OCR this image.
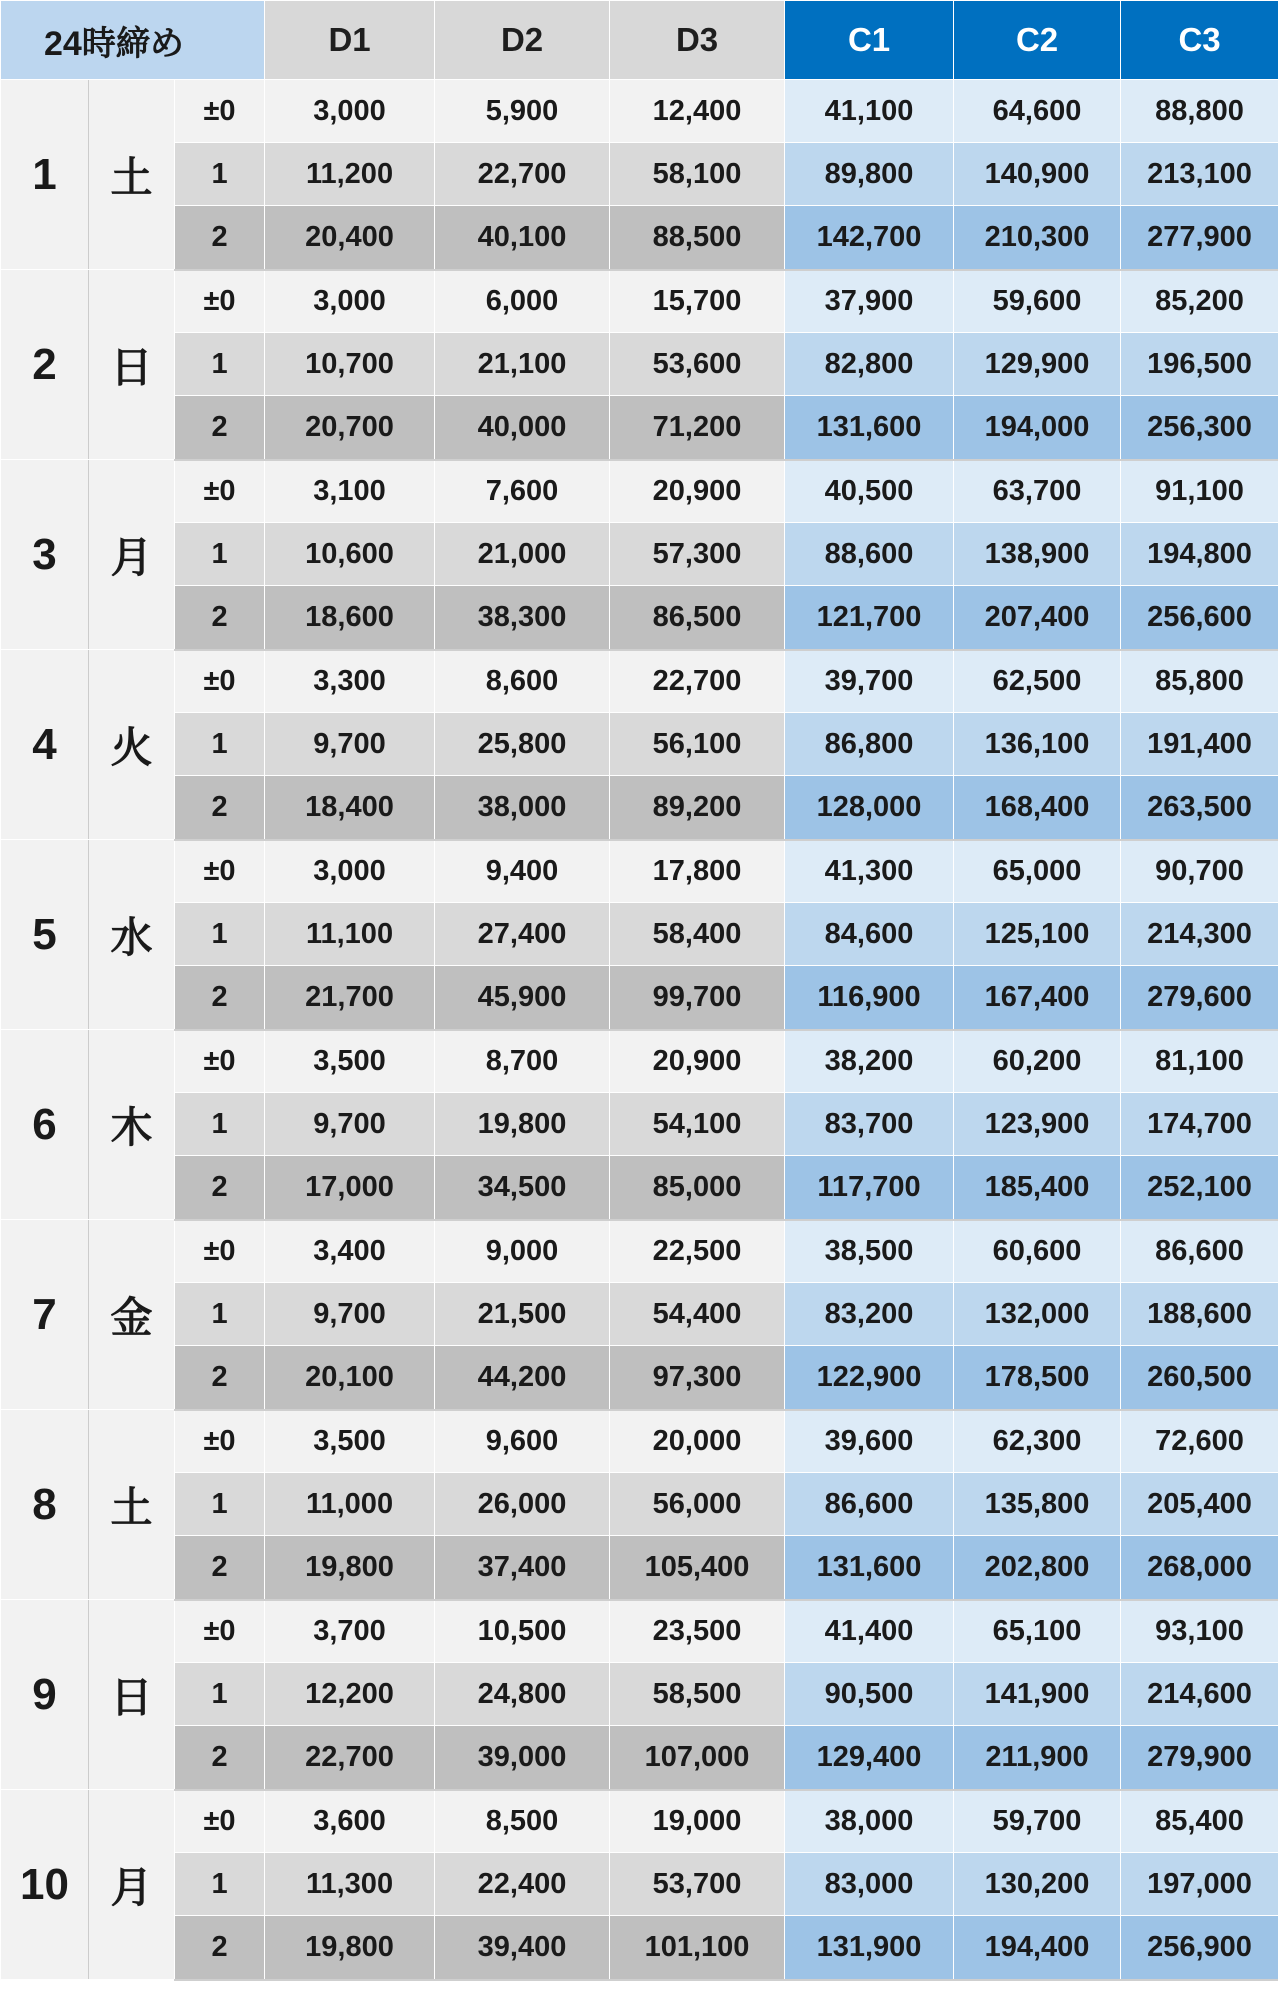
24時締め			D1	D2	D3	C1	C2	C3
1	土	±0	3,000	5,900	12,400	41,100	64,600	88,800
		1	11,200	22,700	58,100	89,800	140,900	213,100
		2	20,400	40,100	88,500	142,700	210,300	277,900
2	日	±0	3,000	6,000	15,700	37,900	59,600	85,200
		1	10,700	21,100	53,600	82,800	129,900	196,500
		2	20,700	40,000	71,200	131,600	194,000	256,300
3	月	±0	3,100	7,600	20,900	40,500	63,700	91,100
		1	10,600	21,000	57,300	88,600	138,900	194,800
		2	18,600	38,300	86,500	121,700	207,400	256,600
4	火	±0	3,300	8,600	22,700	39,700	62,500	85,800
		1	9,700	25,800	56,100	86,800	136,100	191,400
		2	18,400	38,000	89,200	128,000	168,400	263,500
5	水	±0	3,000	9,400	17,800	41,300	65,000	90,700
		1	11,100	27,400	58,400	84,600	125,100	214,300
		2	21,700	45,900	99,700	116,900	167,400	279,600
6	木	±0	3,500	8,700	20,900	38,200	60,200	81,100
		1	9,700	19,800	54,100	83,700	123,900	174,700
		2	17,000	34,500	85,000	117,700	185,400	252,100
7	金	±0	3,400	9,000	22,500	38,500	60,600	86,600
		1	9,700	21,500	54,400	83,200	132,000	188,600
		2	20,100	44,200	97,300	122,900	178,500	260,500
8	土	±0	3,500	9,600	20,000	39,600	62,300	72,600
		1	11,000	26,000	56,000	86,600	135,800	205,400
		2	19,800	37,400	105,400	131,600	202,800	268,000
9	日	±0	3,700	10,500	23,500	41,400	65,100	93,100
		1	12,200	24,800	58,500	90,500	141,900	214,600
		2	22,700	39,000	107,000	129,400	211,900	279,900
10	月	±0	3,600	8,500	19,000	38,000	59,700	85,400
		1	11,300	22,400	53,700	83,000	130,200	197,000
		2	19,800	39,400	101,100	131,900	194,400	256,900
